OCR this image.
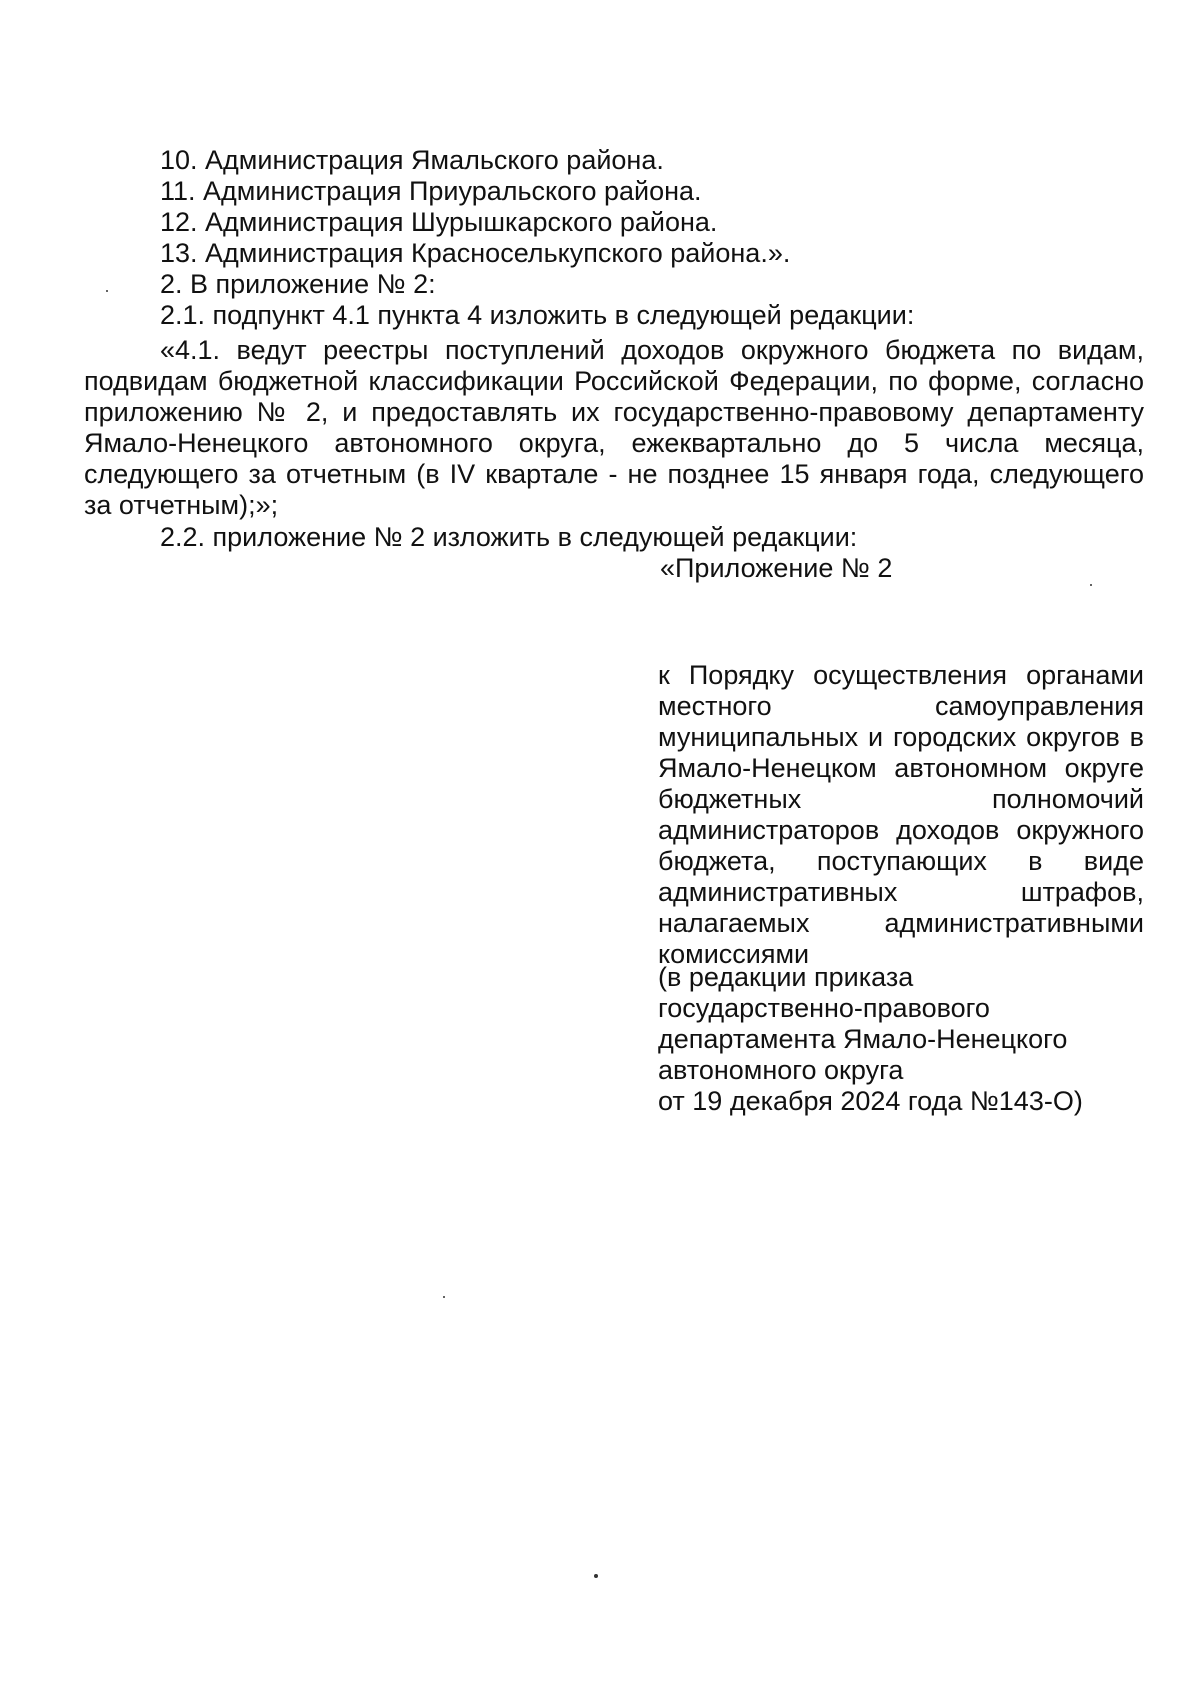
10. Администрация Ямальского района.
11. Администрация Приуральского района.
12. Администрация Шурышкарского района.
13. Администрация Красноселькупского района.».
2. В приложение № 2:
2.1. подпункт 4.1 пункта 4 изложить в следующей редакции:

«4.1. ведут реестры поступлений доходов окружного бюджета по видам, подвидам бюджетной классификации Российской Федерации, по форме, согласно приложению № 2, и предоставлять их государственно-правовому департаменту Ямало-Ненецкого автономного округа, ежеквартально до 5 числа месяца, следующего за отчетным (в IV квартале - не позднее 15 января года, следующего за отчетным);»;

2.2. приложение № 2 изложить в следующей редакции:
«Приложение № 2

к Порядку осуществления органами местного самоуправления муниципальных и городских округов в Ямало-Ненецком автономном округе бюджетных полномочий администраторов доходов окружного бюджета, поступающих в виде административных штрафов, налагаемых административными комиссиями

(в редакции приказа
государственно-правового
департамента Ямало-Ненецкого
автономного округа
от 19 декабря 2024 года №143-О)
